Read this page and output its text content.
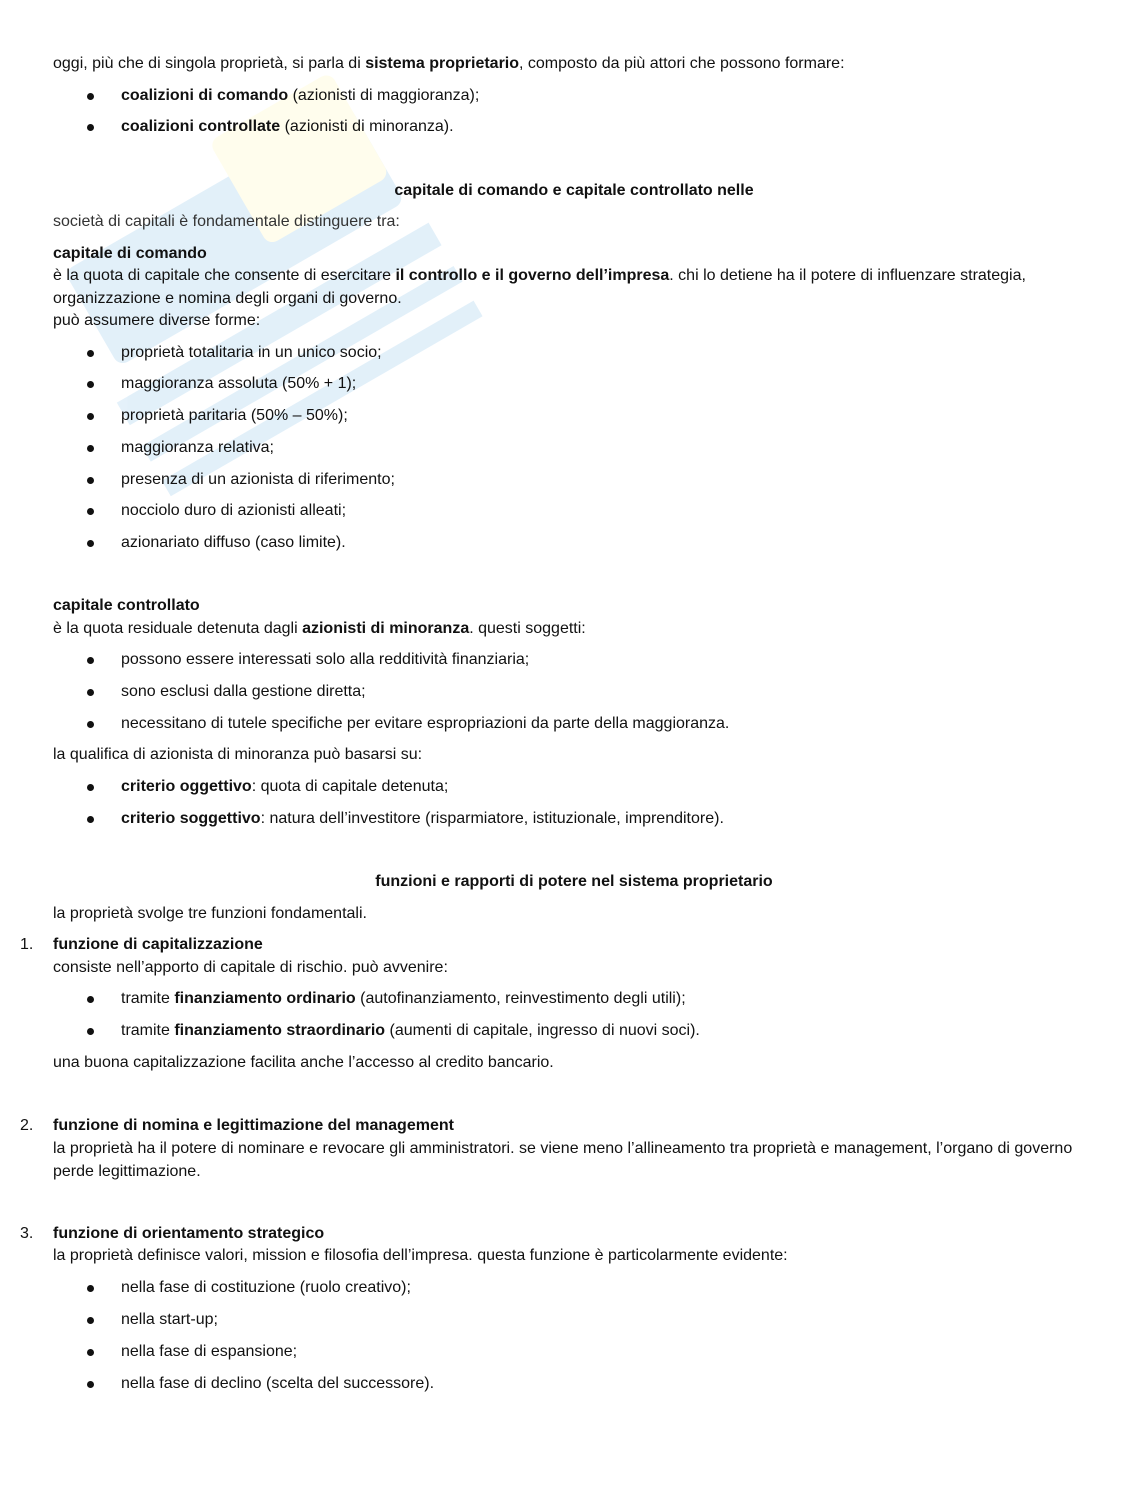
oggi, più che di singola proprietà, si parla di sistema proprietario, composto da più attori che possono formare:
coalizioni di comando (azionisti di maggioranza);
coalizioni controllate (azionisti di minoranza).
capitale di comando e capitale controllato nelle
società di capitali è fondamentale distinguere tra:
capitale di comando
è la quota di capitale che consente di esercitare il controllo e il governo dell’impresa. chi lo detiene ha il potere di influenzare strategia, organizzazione e nomina degli organi di governo.
può assumere diverse forme:
proprietà totalitaria in un unico socio;
maggioranza assoluta (50% + 1);
proprietà paritaria (50% – 50%);
maggioranza relativa;
presenza di un azionista di riferimento;
nocciolo duro di azionisti alleati;
azionariato diffuso (caso limite).
capitale controllato
è la quota residuale detenuta dagli azionisti di minoranza. questi soggetti:
possono essere interessati solo alla redditività finanziaria;
sono esclusi dalla gestione diretta;
necessitano di tutele specifiche per evitare espropriazioni da parte della maggioranza.
la qualifica di azionista di minoranza può basarsi su:
criterio oggettivo: quota di capitale detenuta;
criterio soggettivo: natura dell’investitore (risparmiatore, istituzionale, imprenditore).
funzioni e rapporti di potere nel sistema proprietario
la proprietà svolge tre funzioni fondamentali.
1. funzione di capitalizzazione
consiste nell’apporto di capitale di rischio. può avvenire:
tramite finanziamento ordinario (autofinanziamento, reinvestimento degli utili);
tramite finanziamento straordinario (aumenti di capitale, ingresso di nuovi soci).
una buona capitalizzazione facilita anche l’accesso al credito bancario.
2. funzione di nomina e legittimazione del management
la proprietà ha il potere di nominare e revocare gli amministratori. se viene meno l’allineamento tra proprietà e management, l’organo di governo perde legittimazione.
3. funzione di orientamento strategico
la proprietà definisce valori, mission e filosofia dell’impresa. questa funzione è particolarmente evidente:
nella fase di costituzione (ruolo creativo);
nella start-up;
nella fase di espansione;
nella fase di declino (scelta del successore).
